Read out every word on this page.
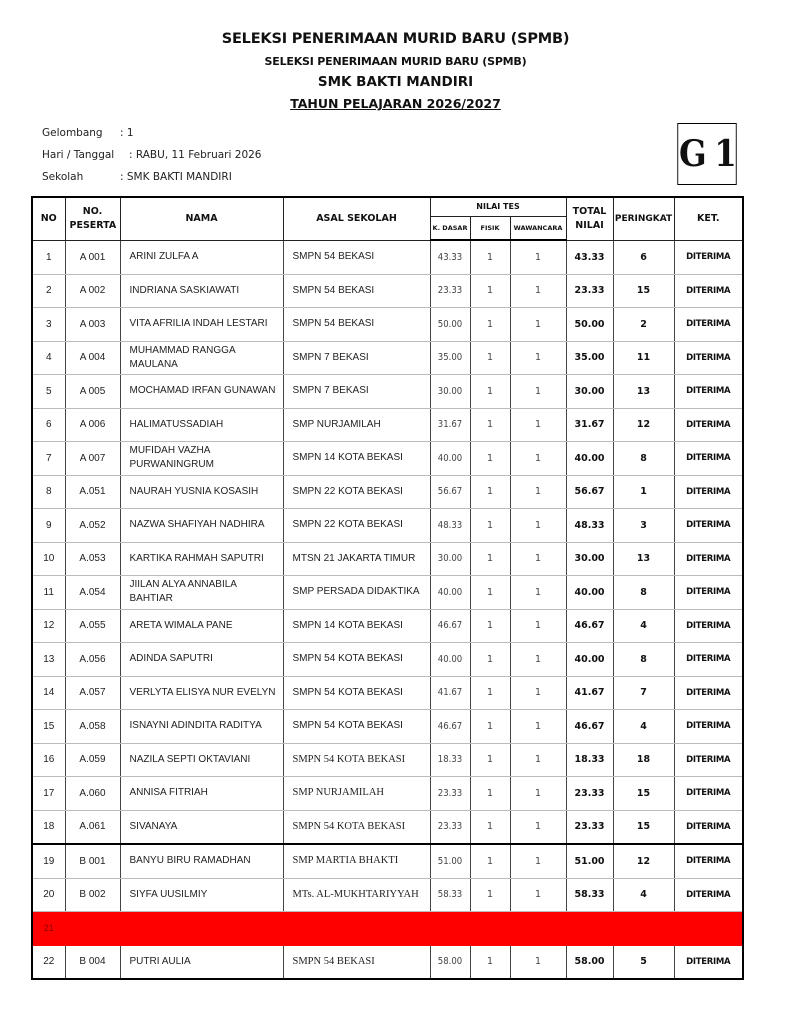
SELEKSI PENERIMAAN MURID BARU (SPMB)
SELEKSI PENERIMAAN MURID BARU (SPMB)
SMK BAKTI MANDIRI
TAHUN PELAJARAN 2026/2027
Gelombang : 1
Hari / Tanggal : RABU, 11 Februari 2026
Sekolah	: SMK BAKTI MANDIRI
G 1
NO	NO. PESERTA	NAMA	ASAL SEKOLAH	NILAI TES			TOTAL NILAI	PERINGKAT	KET.
				K. DASAR	FISIK	WAWANCARA			
1	A 001	ARINI ZULFA A	SMPN 54 BEKASI	43.33	1	1	43.33	6	DITERIMA
2	A 002	INDRIANA SASKIAWATI	SMPN 54 BEKASI	23.33	1	1	23.33	15	DITERIMA
3	A 003	VITA AFRILIA INDAH LESTARI	SMPN 54 BEKASI	50.00	1	1	50.00	2	DITERIMA
4	A 004	MUHAMMAD RANGGA MAULANA	SMPN 7 BEKASI	35.00	1	1	35.00	11	DITERIMA
5	A 005	MOCHAMAD IRFAN GUNAWAN	SMPN 7 BEKASI	30.00	1	1	30.00	13	DITERIMA
6	A 006	HALIMATUSSADIAH	SMP NURJAMILAH	31.67	1	1	31.67	12	DITERIMA
7	A 007	MUFIDAH VAZHA PURWANINGRUM	SMPN 14 KOTA BEKASI	40.00	1	1	40.00	8	DITERIMA
8	A.051	NAURAH YUSNIA KOSASIH	SMPN 22 KOTA BEKASI	56.67	1	1	56.67	1	DITERIMA
9	A.052	NAZWA SHAFIYAH NADHIRA	SMPN 22 KOTA BEKASI	48.33	1	1	48.33	3	DITERIMA
10	A.053	KARTIKA RAHMAH SAPUTRI	MTSN 21 JAKARTA TIMUR	30.00	1	1	30.00	13	DITERIMA
11	A.054	JIILAN ALYA ANNABILA BAHTIAR	SMP PERSADA DIDAKTIKA	40.00	1	1	40.00	8	DITERIMA
12	A.055	ARETA WIMALA PANE	SMPN 14 KOTA BEKASI	46.67	1	1	46.67	4	DITERIMA
13	A.056	ADINDA SAPUTRI	SMPN 54 KOTA BEKASI	40.00	1	1	40.00	8	DITERIMA
14	A.057	VERLYTA ELISYA NUR EVELYN	SMPN 54 KOTA BEKASI	41.67	1	1	41.67	7	DITERIMA
15	A.058	ISNAYNI ADINDITA RADITYA	SMPN 54 KOTA BEKASI	46.67	1	1	46.67	4	DITERIMA
16	A.059	NAZILA SEPTI OKTAVIANI	SMPN 54 KOTA BEKASI	18.33	1	1	18.33	18	DITERIMA
17	A.060	ANNISA FITRIAH	SMP NURJAMILAH	23.33	1	1	23.33	15	DITERIMA
18	A.061	SIVANAYA	SMPN 54 KOTA BEKASI	23.33	1	1	23.33	15	DITERIMA
19	B 001	BANYU BIRU RAMADHAN	SMP MARTIA BHAKTI	51.00	1	1	51.00	12	DITERIMA
20	B 002	SIYFA UUSILMIY	MTs. AL-MUKHTARIYYAH	58.33	1	1	58.33	4	DITERIMA
21									
22	B 004	PUTRI AULIA	SMPN 54 BEKASI	58.00	1	1	58.00	5	DITERIMA
